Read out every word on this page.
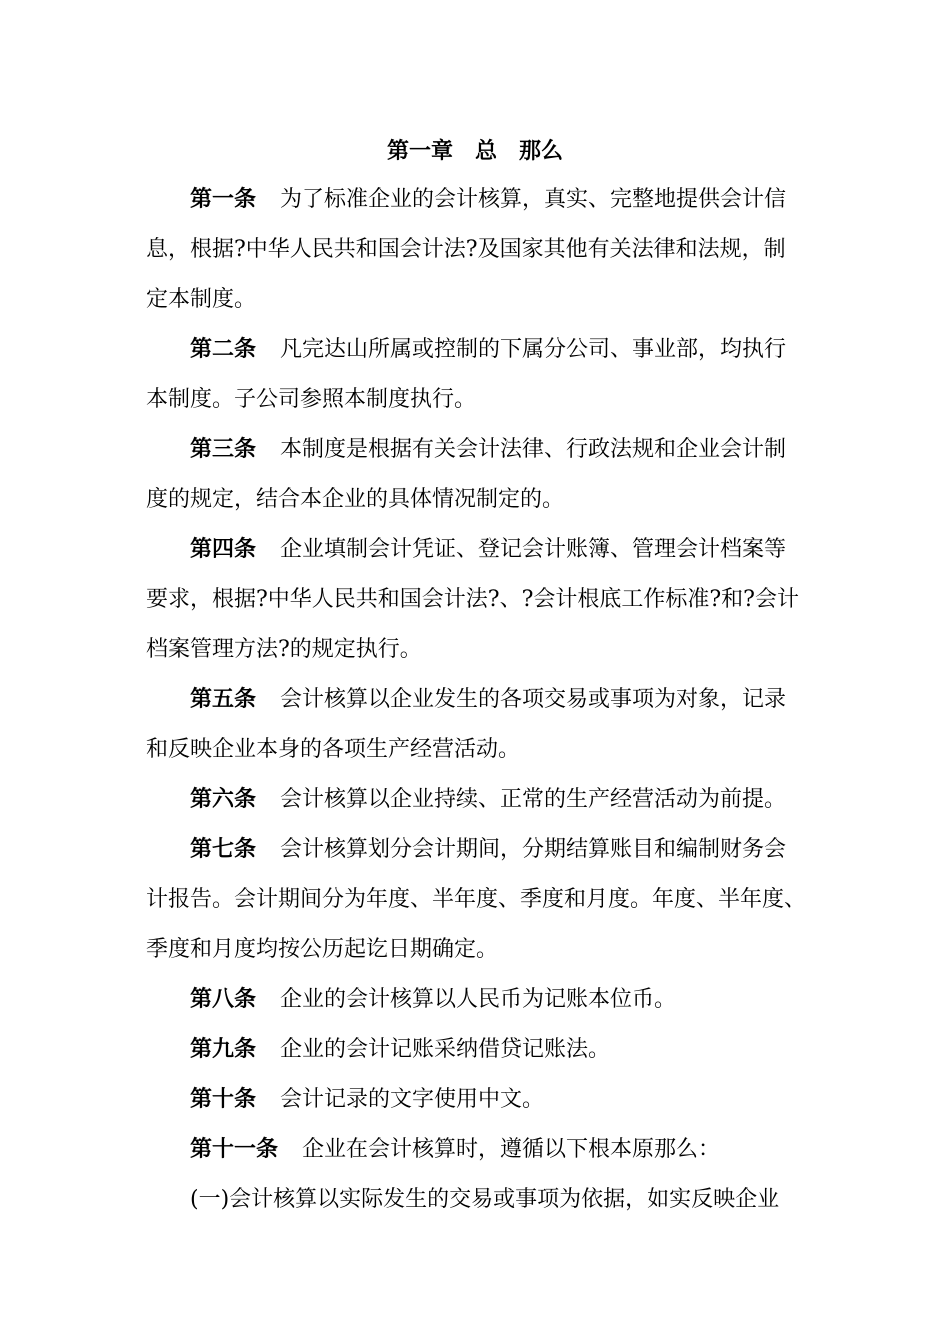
第一章　总　那么
第一条 为了标准企业的会计核算，真实、完整地提供会计信
息，根据?中华人民共和国会计法?及国家其他有关法律和法规，制
定本制度。
第二条 凡完达山所属或控制的下属分公司、事业部，均执行
本制度。子公司参照本制度执行。
第三条 本制度是根据有关会计法律、行政法规和企业会计制
度的规定，结合本企业的具体情况制定的。
第四条 企业填制会计凭证、登记会计账簿、管理会计档案等
要求，根据?中华人民共和国会计法?、?会计根底工作标准?和?会计
档案管理方法?的规定执行。
第五条 会计核算以企业发生的各项交易或事项为对象，记录
和反映企业本身的各项生产经营活动。
第六条 会计核算以企业持续、正常的生产经营活动为前提。
第七条 会计核算划分会计期间，分期结算账目和编制财务会
计报告。会计期间分为年度、半年度、季度和月度。年度、半年度、
季度和月度均按公历起讫日期确定。
第八条 企业的会计核算以人民币为记账本位币。
第九条 企业的会计记账采纳借贷记账法。
第十条 会计记录的文字使用中文。
第十一条 企业在会计核算时，遵循以下根本原那么：
(一)会计核算以实际发生的交易或事项为依据，如实反映企业
